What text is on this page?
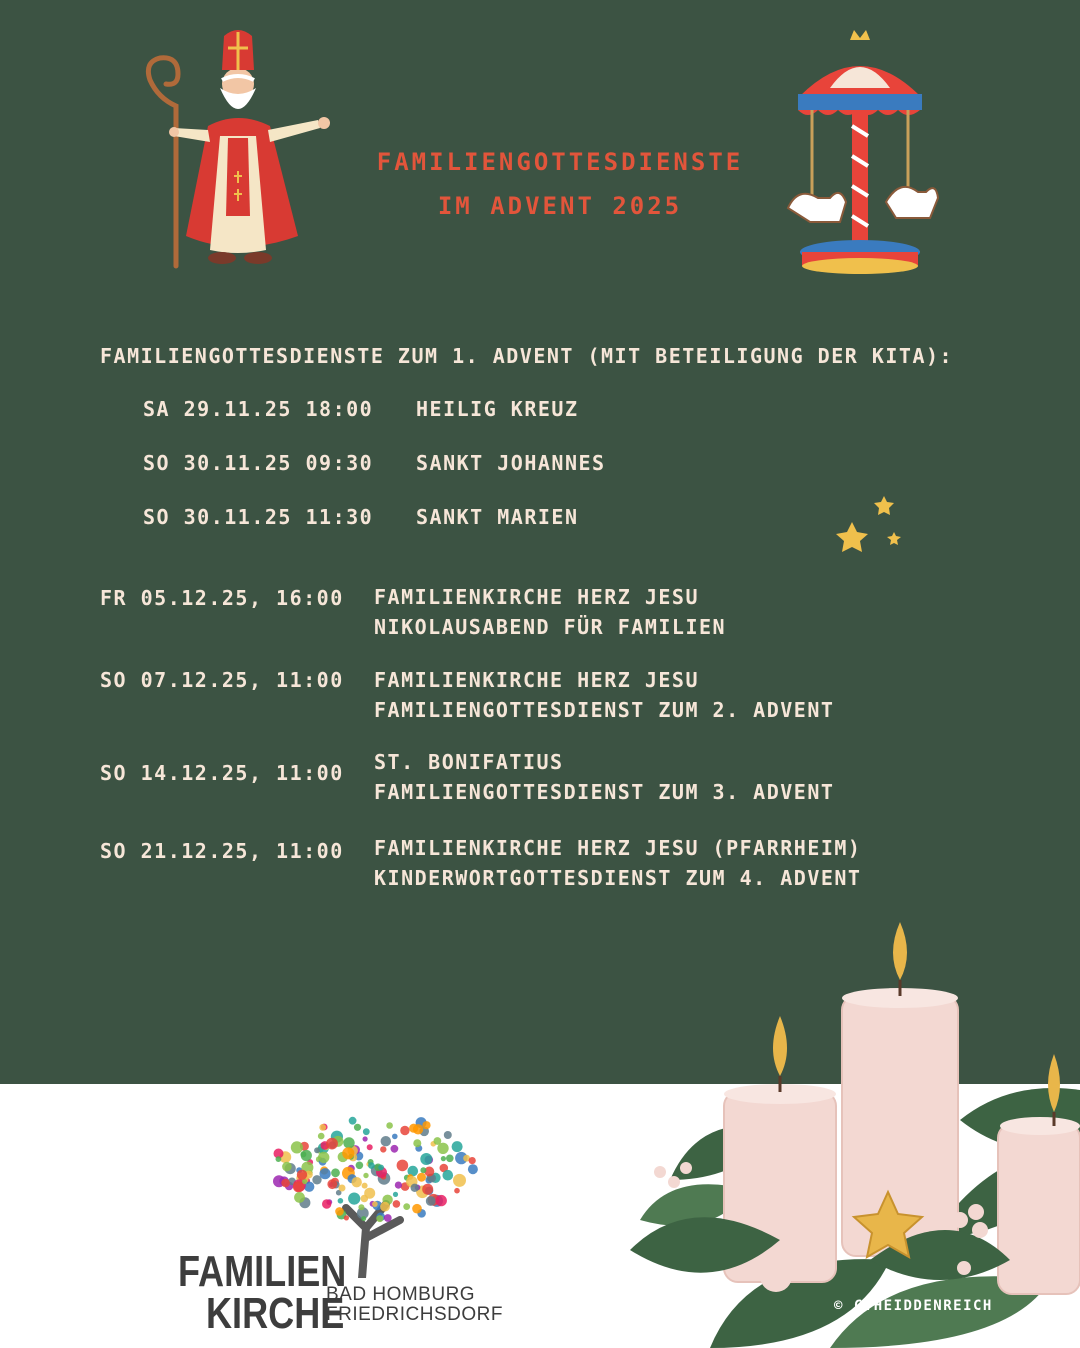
FAMILIENGOTTESDIENSTE
IM ADVENT 2025
FAMILIENGOTTESDIENSTE ZUM 1. ADVENT (MIT BETEILIGUNG DER KITA):
SA 29.11.25 18:00 HEILIG KREUZ
SO 30.11.25 09:30 SANKT JOHANNES
SO 30.11.25 11:30 SANKT MARIEN
FR 05.12.25, 16:00 FAMILIENKIRCHE HERZ JESU
NIKOLAUSABEND FÜR FAMILIEN
SO 07.12.25, 11:00 FAMILIENKIRCHE HERZ JESU
FAMILIENGOTTESDIENST ZUM 2. ADVENT
SO 14.12.25, 11:00 ST. BONIFATIUS
FAMILIENGOTTESDIENST ZUM 3. ADVENT
SO 21.12.25, 11:00 FAMILIENKIRCHE HERZ JESU (PFARRHEIM)
KINDERWORTGOTTESDIENST ZUM 4. ADVENT
FAMILIEN
KIRCHE
BAD HOMBURG
FRIEDRICHSDORF	© C.HEIDDENREICH
